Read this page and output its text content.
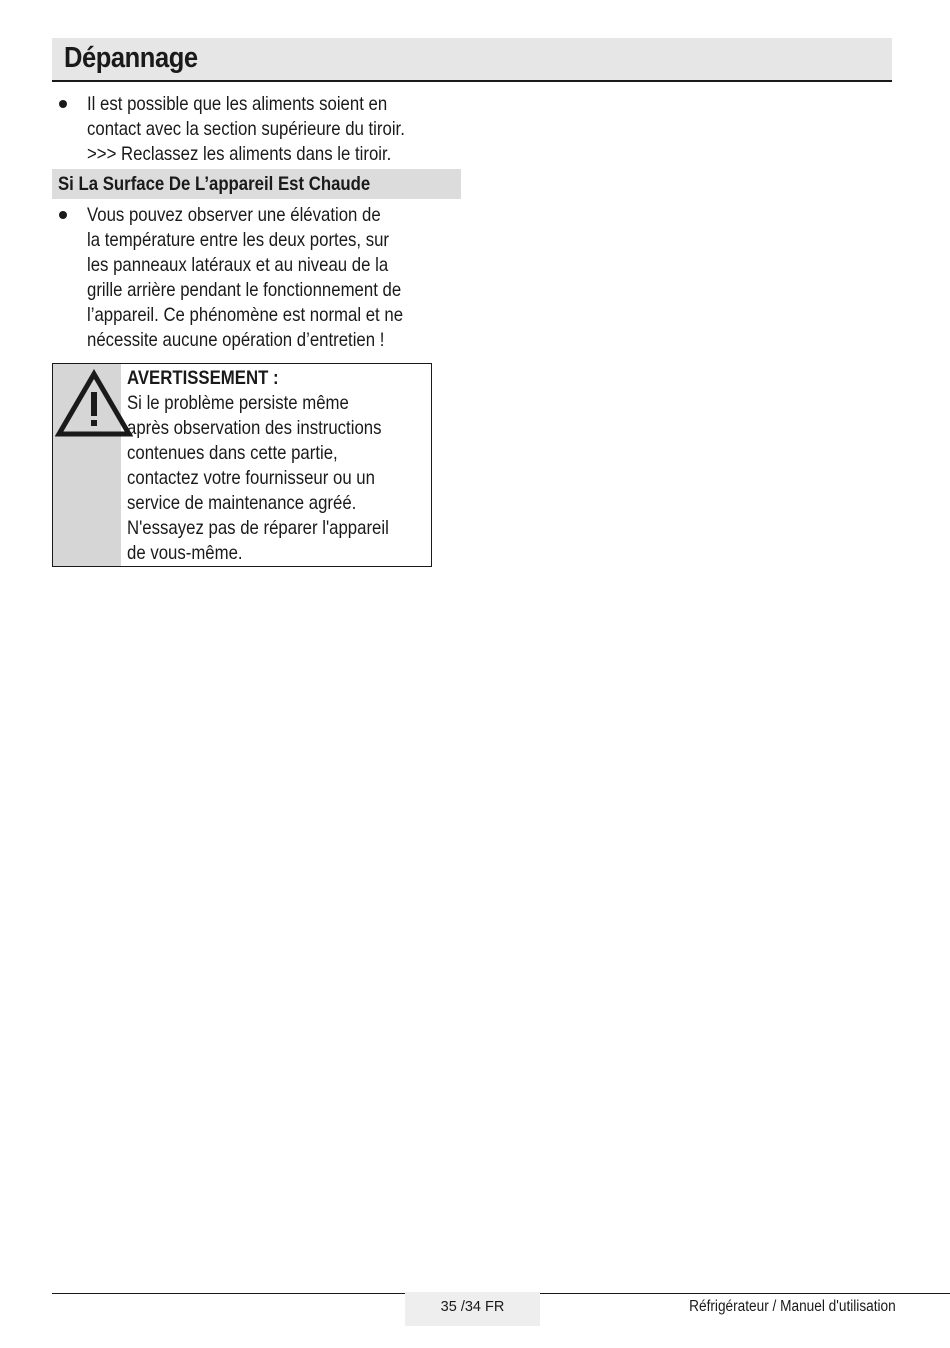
Dépannage
Il est possible que les aliments soient en
contact avec la section supérieure du tiroir.
>>> Reclassez les aliments dans le tiroir.
Si La Surface De L’appareil Est Chaude
Vous pouvez observer une élévation de
la température entre les deux portes, sur
les panneaux latéraux et au niveau de la
grille arrière pendant le fonctionnement de
l’appareil. Ce phénomène est normal et ne
nécessite aucune opération d’entretien !
AVERTISSEMENT :
Si le problème persiste même
après observation des instructions
contenues dans cette partie,
contactez votre fournisseur ou un
service de maintenance agréé.
N'essayez pas de réparer l'appareil
de vous-même.
35 /34 FR	Réfrigérateur / Manuel d'utilisation
